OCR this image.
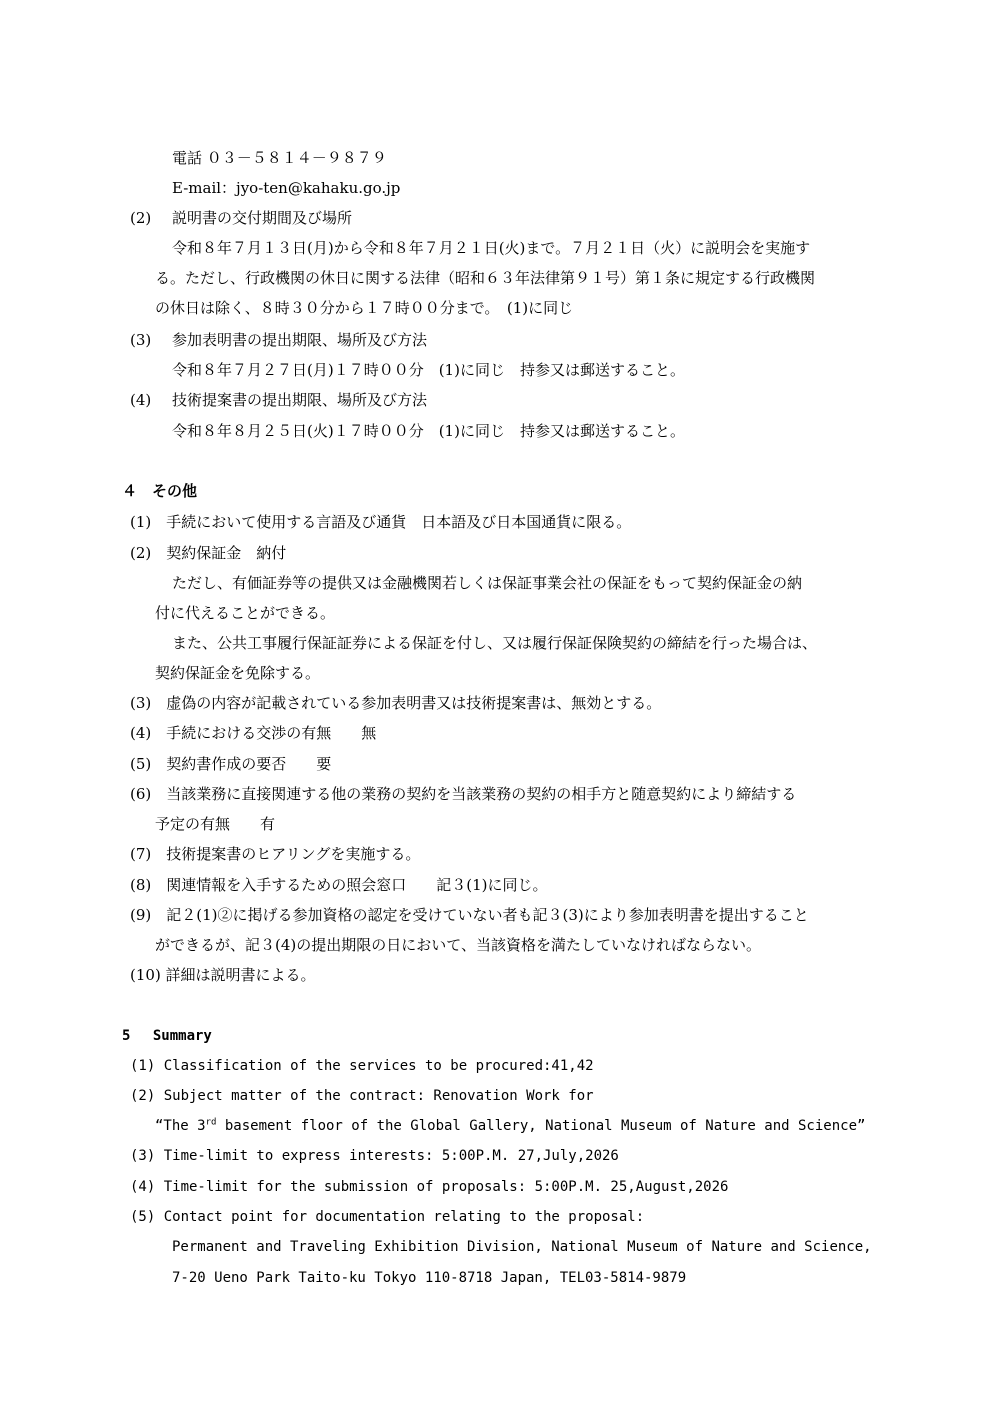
電話 ０３－５８１４－９８７９
E-mail：jyo-ten@kahaku.go.jp
(2) 説明書の交付期間及び場所
令和８年７月１３日(月)から令和８年７月２１日(火)まで。７月２１日（火）に説明会を実施す
る。ただし、行政機関の休日に関する法律（昭和６３年法律第９１号）第１条に規定する行政機関
の休日は除く、８時３０分から１７時００分まで。　(1)に同じ
(3) 参加表明書の提出期限、場所及び方法
令和８年７月２７日(月)１７時００分　(1)に同じ　持参又は郵送すること。
(4) 技術提案書の提出期限、場所及び方法
令和８年８月２５日(火)１７時００分　(1)に同じ　持参又は郵送すること。
４　その他
(1)　手続において使用する言語及び通貨　日本語及び日本国通貨に限る。
(2)　契約保証金　納付
ただし、有価証券等の提供又は金融機関若しくは保証事業会社の保証をもって契約保証金の納
付に代えることができる。
また、公共工事履行保証証券による保証を付し、又は履行保証保険契約の締結を行った場合は、
契約保証金を免除する。
(3)　虚偽の内容が記載されている参加表明書又は技術提案書は、無効とする。
(4)　手続における交渉の有無　　無
(5)　契約書作成の要否　　要
(6)　当該業務に直接関連する他の業務の契約を当該業務の契約の相手方と随意契約により締結する
予定の有無　　有
(7)　技術提案書のヒアリングを実施する。
(8)　関連情報を入手するための照会窓口　　記３(1)に同じ。
(9)　記２(1)②に掲げる参加資格の認定を受けていない者も記３(3)により参加表明書を提出すること
ができるが、記３(4)の提出期限の日において、当該資格を満たしていなければならない。
(10) 詳細は説明書による。
5　 Summary
(1) Classification of the services to be procured:41,42
(2) Subject matter of the contract: Renovation Work for
“The 3rd basement floor of the Global Gallery, National Museum of Nature and Science”
(3) Time-limit to express interests: 5:00P.M. 27,July,2026
(4) Time-limit for the submission of proposals: 5:00P.M. 25,August,2026
(5) Contact point for documentation relating to the proposal:
Permanent and Traveling Exhibition Division, National Museum of Nature and Science,
7-20 Ueno Park Taito-ku Tokyo 110-8718 Japan, TEL03-5814-9879
